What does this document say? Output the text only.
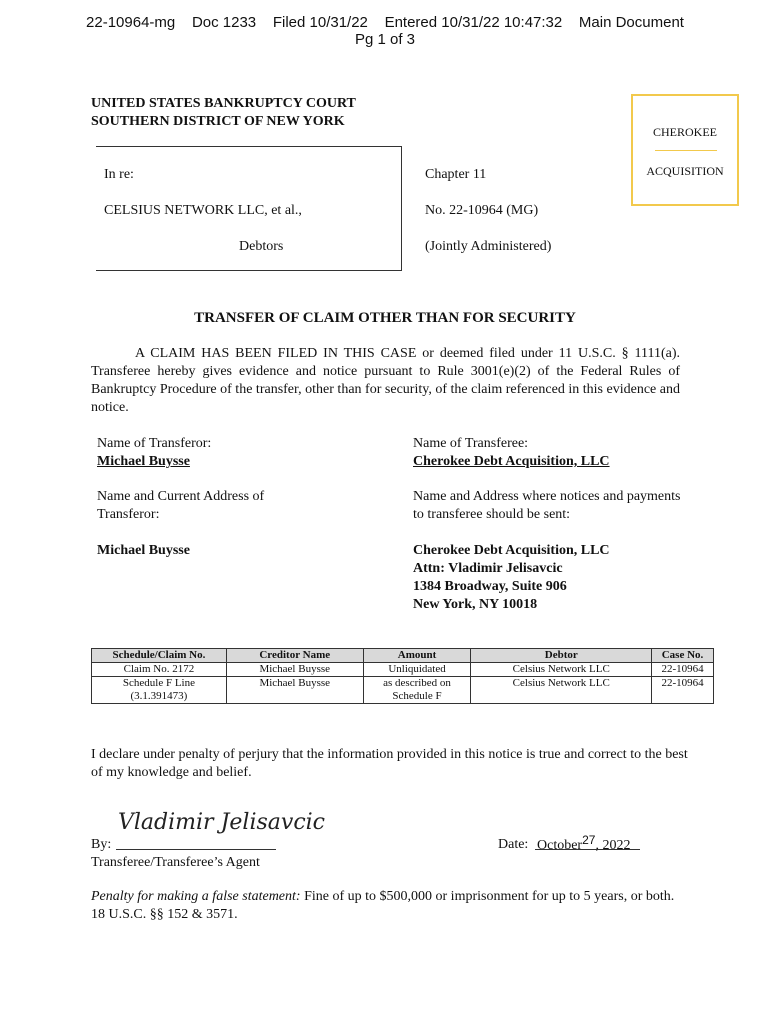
22-10964-mg Doc 1233 Filed 10/31/22 Entered 10/31/22 10:47:32 Main Document
Pg 1 of 3
UNITED STATES BANKRUPTCY COURT
SOUTHERN DISTRICT OF NEW YORK
CHEROKEE
ACQUISITION
In re:
CELSIUS NETWORK LLC, et al.,
Debtors
Chapter 11
No. 22-10964 (MG)
(Jointly Administered)
TRANSFER OF CLAIM OTHER THAN FOR SECURITY
A CLAIM HAS BEEN FILED IN THIS CASE or deemed filed under 11 U.S.C. § 1111(a). Transferee hereby gives evidence and notice pursuant to Rule 3001(e)(2) of the Federal Rules of Bankruptcy Procedure of the transfer, other than for security, of the claim referenced in this evidence and notice.
Name of Transferor:
Michael Buysse
Name of Transferee:
Cherokee Debt Acquisition, LLC
Name and Current Address of
Transferor:
Name and Address where notices and payments
to transferee should be sent:
Michael Buysse	Cherokee Debt Acquisition, LLC
Attn: Vladimir Jelisavcic
1384 Broadway, Suite 906
New York, NY 10018
Schedule/Claim No.	Creditor Name	Amount	Debtor	Case No.
Claim No. 2172	Michael Buysse	Unliquidated	Celsius Network LLC	22-10964
Schedule F Line (3.1.391473)	Michael Buysse	as described on Schedule F	Celsius Network LLC	22-10964
I declare under penalty of perjury that the information provided in this notice is true and correct to the best of my knowledge and belief.
Vladimir Jelisavcic
By:
Transferee/Transferee’s Agent
Date: October27, 2022
Penalty for making a false statement: Fine of up to $500,000 or imprisonment for up to 5 years, or both. 18 U.S.C. §§ 152 & 3571.
